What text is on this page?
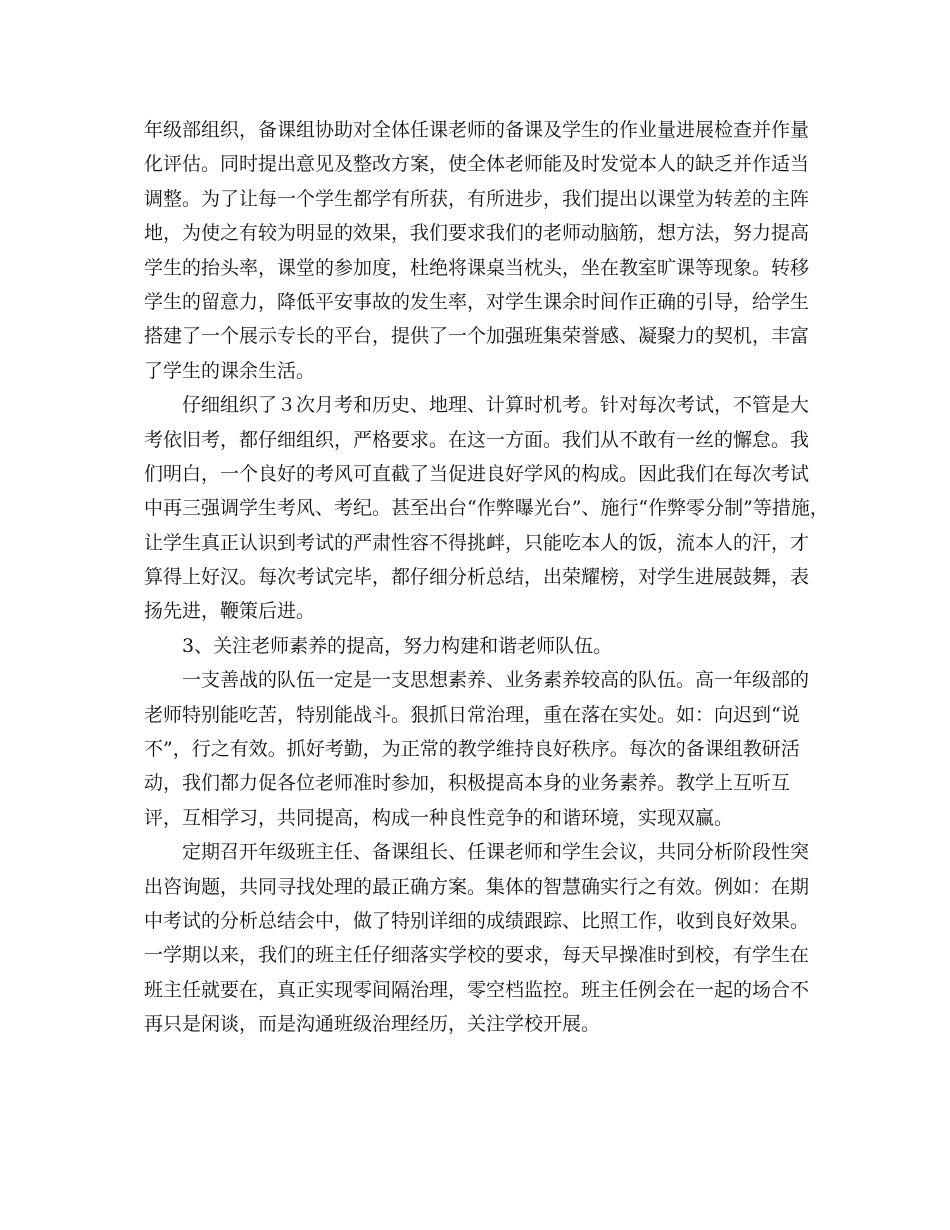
年级部组织，备课组协助对全体任课老师的备课及学生的作业量进展检查并作量
化评估。同时提出意见及整改方案，使全体老师能及时发觉本人的缺乏并作适当
调整。为了让每一个学生都学有所获，有所进步，我们提出以课堂为转差的主阵
地，为使之有较为明显的效果，我们要求我们的老师动脑筋，想方法，努力提高
学生的抬头率，课堂的参加度，杜绝将课桌当枕头，坐在教室旷课等现象。转移
学生的留意力，降低平安事故的发生率，对学生课余时间作正确的引导，给学生
搭建了一个展示专长的平台，提供了一个加强班集荣誉感、凝聚力的契机，丰富
了学生的课余生活。
仔细组织了３次月考和历史、地理、计算时机考。针对每次考试，不管是大
考依旧考，都仔细组织，严格要求。在这一方面。我们从不敢有一丝的懈怠。我
们明白，一个良好的考风可直截了当促进良好学风的构成。因此我们在每次考试
中再三强调学生考风、考纪。甚至出台“作弊曝光台”、施行“作弊零分制”等措施，
让学生真正认识到考试的严肃性容不得挑衅，只能吃本人的饭，流本人的汗，才
算得上好汉。每次考试完毕，都仔细分析总结，出荣耀榜，对学生进展鼓舞，表
扬先进，鞭策后进。
3、关注老师素养的提高，努力构建和谐老师队伍。
一支善战的队伍一定是一支思想素养、业务素养较高的队伍。高一年级部的
老师特别能吃苦，特别能战斗。狠抓日常治理，重在落在实处。如：向迟到“说
不”，行之有效。抓好考勤，为正常的教学维持良好秩序。每次的备课组教研活
动，我们都力促各位老师准时参加，积极提高本身的业务素养。教学上互听互
评，互相学习，共同提高，构成一种良性竞争的和谐环境，实现双赢。
定期召开年级班主任、备课组长、任课老师和学生会议，共同分析阶段性突
出咨询题，共同寻找处理的最正确方案。集体的智慧确实行之有效。例如：在期
中考试的分析总结会中，做了特别详细的成绩跟踪、比照工作，收到良好效果。
一学期以来，我们的班主任仔细落实学校的要求，每天早操准时到校，有学生在
班主任就要在，真正实现零间隔治理，零空档监控。班主任例会在一起的场合不
再只是闲谈，而是沟通班级治理经历，关注学校开展。
